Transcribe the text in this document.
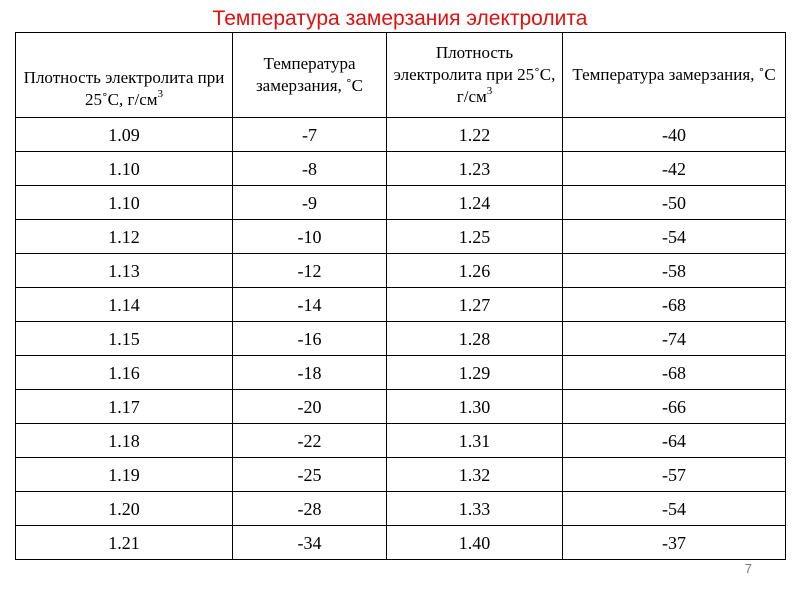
Температура замерзания электролита
Плотность электролита при 25˚С, $г/см^3$	Температура замерзания, ˚С	Плотность электролита при 25˚С, $г/см^3$	Температура замерзания, ˚С
1.09	-7	1.22	-40
1.10	-8	1.23	-42
1.10	-9	1.24	-50
1.12	-10	1.25	-54
1.13	-12	1.26	-58
1.14	-14	1.27	-68
1.15	-16	1.28	-74
1.16	-18	1.29	-68
1.17	-20	1.30	-66
1.18	-22	1.31	-64
1.19	-25	1.32	-57
1.20	-28	1.33	-54
1.21	-34	1.40	-37
7
